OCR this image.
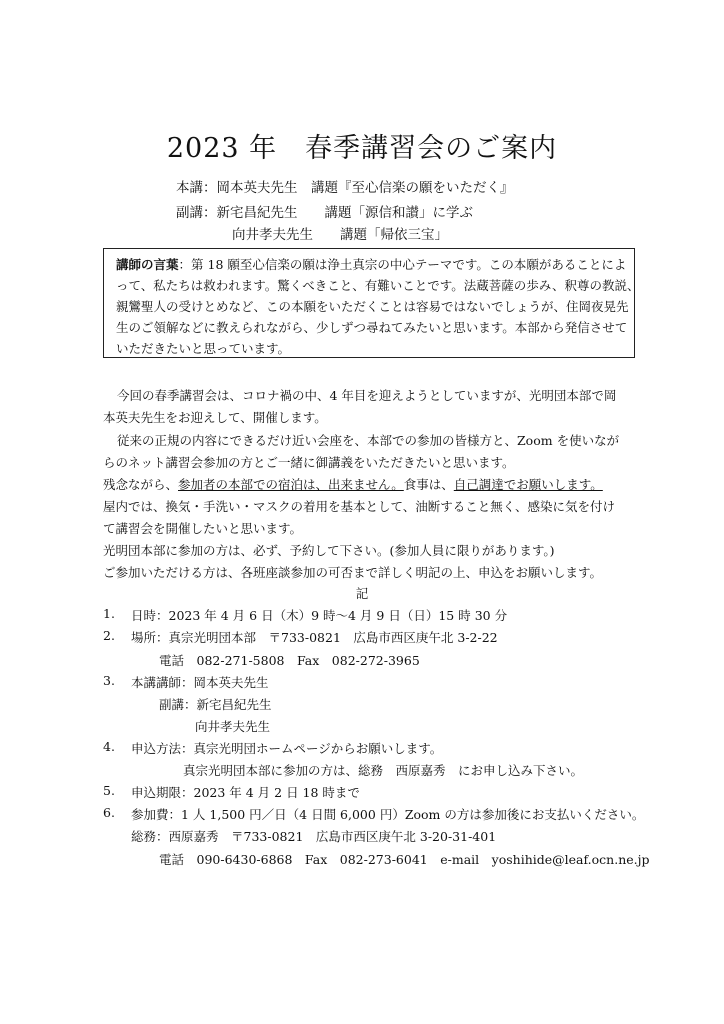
2023 年　春季講習会のご案内
本講：岡本英夫先生　講題『至心信楽の願をいただく』
副講：新宅昌紀先生　　講題「源信和讃」に学ぶ
向井孝夫先生　　講題「帰依三宝」
講師の言葉：第 18 願至心信楽の願は浄土真宗の中心テーマです。この本願があることによ
って、私たちは救われます。驚くべきこと、有難いことです。法蔵菩薩の歩み、釈尊の教説、
親鸞聖人の受けとめなど、この本願をいただくことは容易ではないでしょうが、住岡夜晃先
生のご領解などに教えられながら、少しずつ尋ねてみたいと思います。本部から発信させて
いただきたいと思っています。
今回の春季講習会は、コロナ禍の中、4 年目を迎えようとしていますが、光明団本部で岡
本英夫先生をお迎えして、開催します。
従来の正規の内容にできるだけ近い会座を、本部での参加の皆様方と、Zoom を使いなが
らのネット講習会参加の方とご一緒に御講義をいただきたいと思います。
残念ながら、参加者の本部での宿泊は、出来ません。食事は、自己調達でお願いします。
屋内では、換気・手洗い・マスクの着用を基本として、油断すること無く、感染に気を付け
て講習会を開催したいと思います。
光明団本部に参加の方は、必ず、予約して下さい。(参加人員に限りがあります。)
ご参加いただける方は、各班座談参加の可否まで詳しく明記の上、申込をお願いします。
記
1. 日時：2023 年 4 月 6 日（木）9 時～4 月 9 日（日）15 時 30 分
2. 場所：真宗光明団本部　〒733-0821　広島市西区庚午北 3-2-22
電話　082-271-5808　Fax　082-272-3965
3. 本講講師：岡本英夫先生
副講：新宅昌紀先生
向井孝夫先生
4. 申込方法：真宗光明団ホームページからお願いします。
真宗光明団本部に参加の方は、総務　西原嘉秀　にお申し込み下さい。
5. 申込期限：2023 年 4 月 2 日 18 時まで
6. 参加費：1 人 1,500 円／日（4 日間 6,000 円）Zoom の方は参加後にお支払いください。
総務：西原嘉秀　〒733-0821　広島市西区庚午北 3-20-31-401
電話　090-6430-6868　Fax　082-273-6041　e-mail　yoshihide@leaf.ocn.ne.jp
